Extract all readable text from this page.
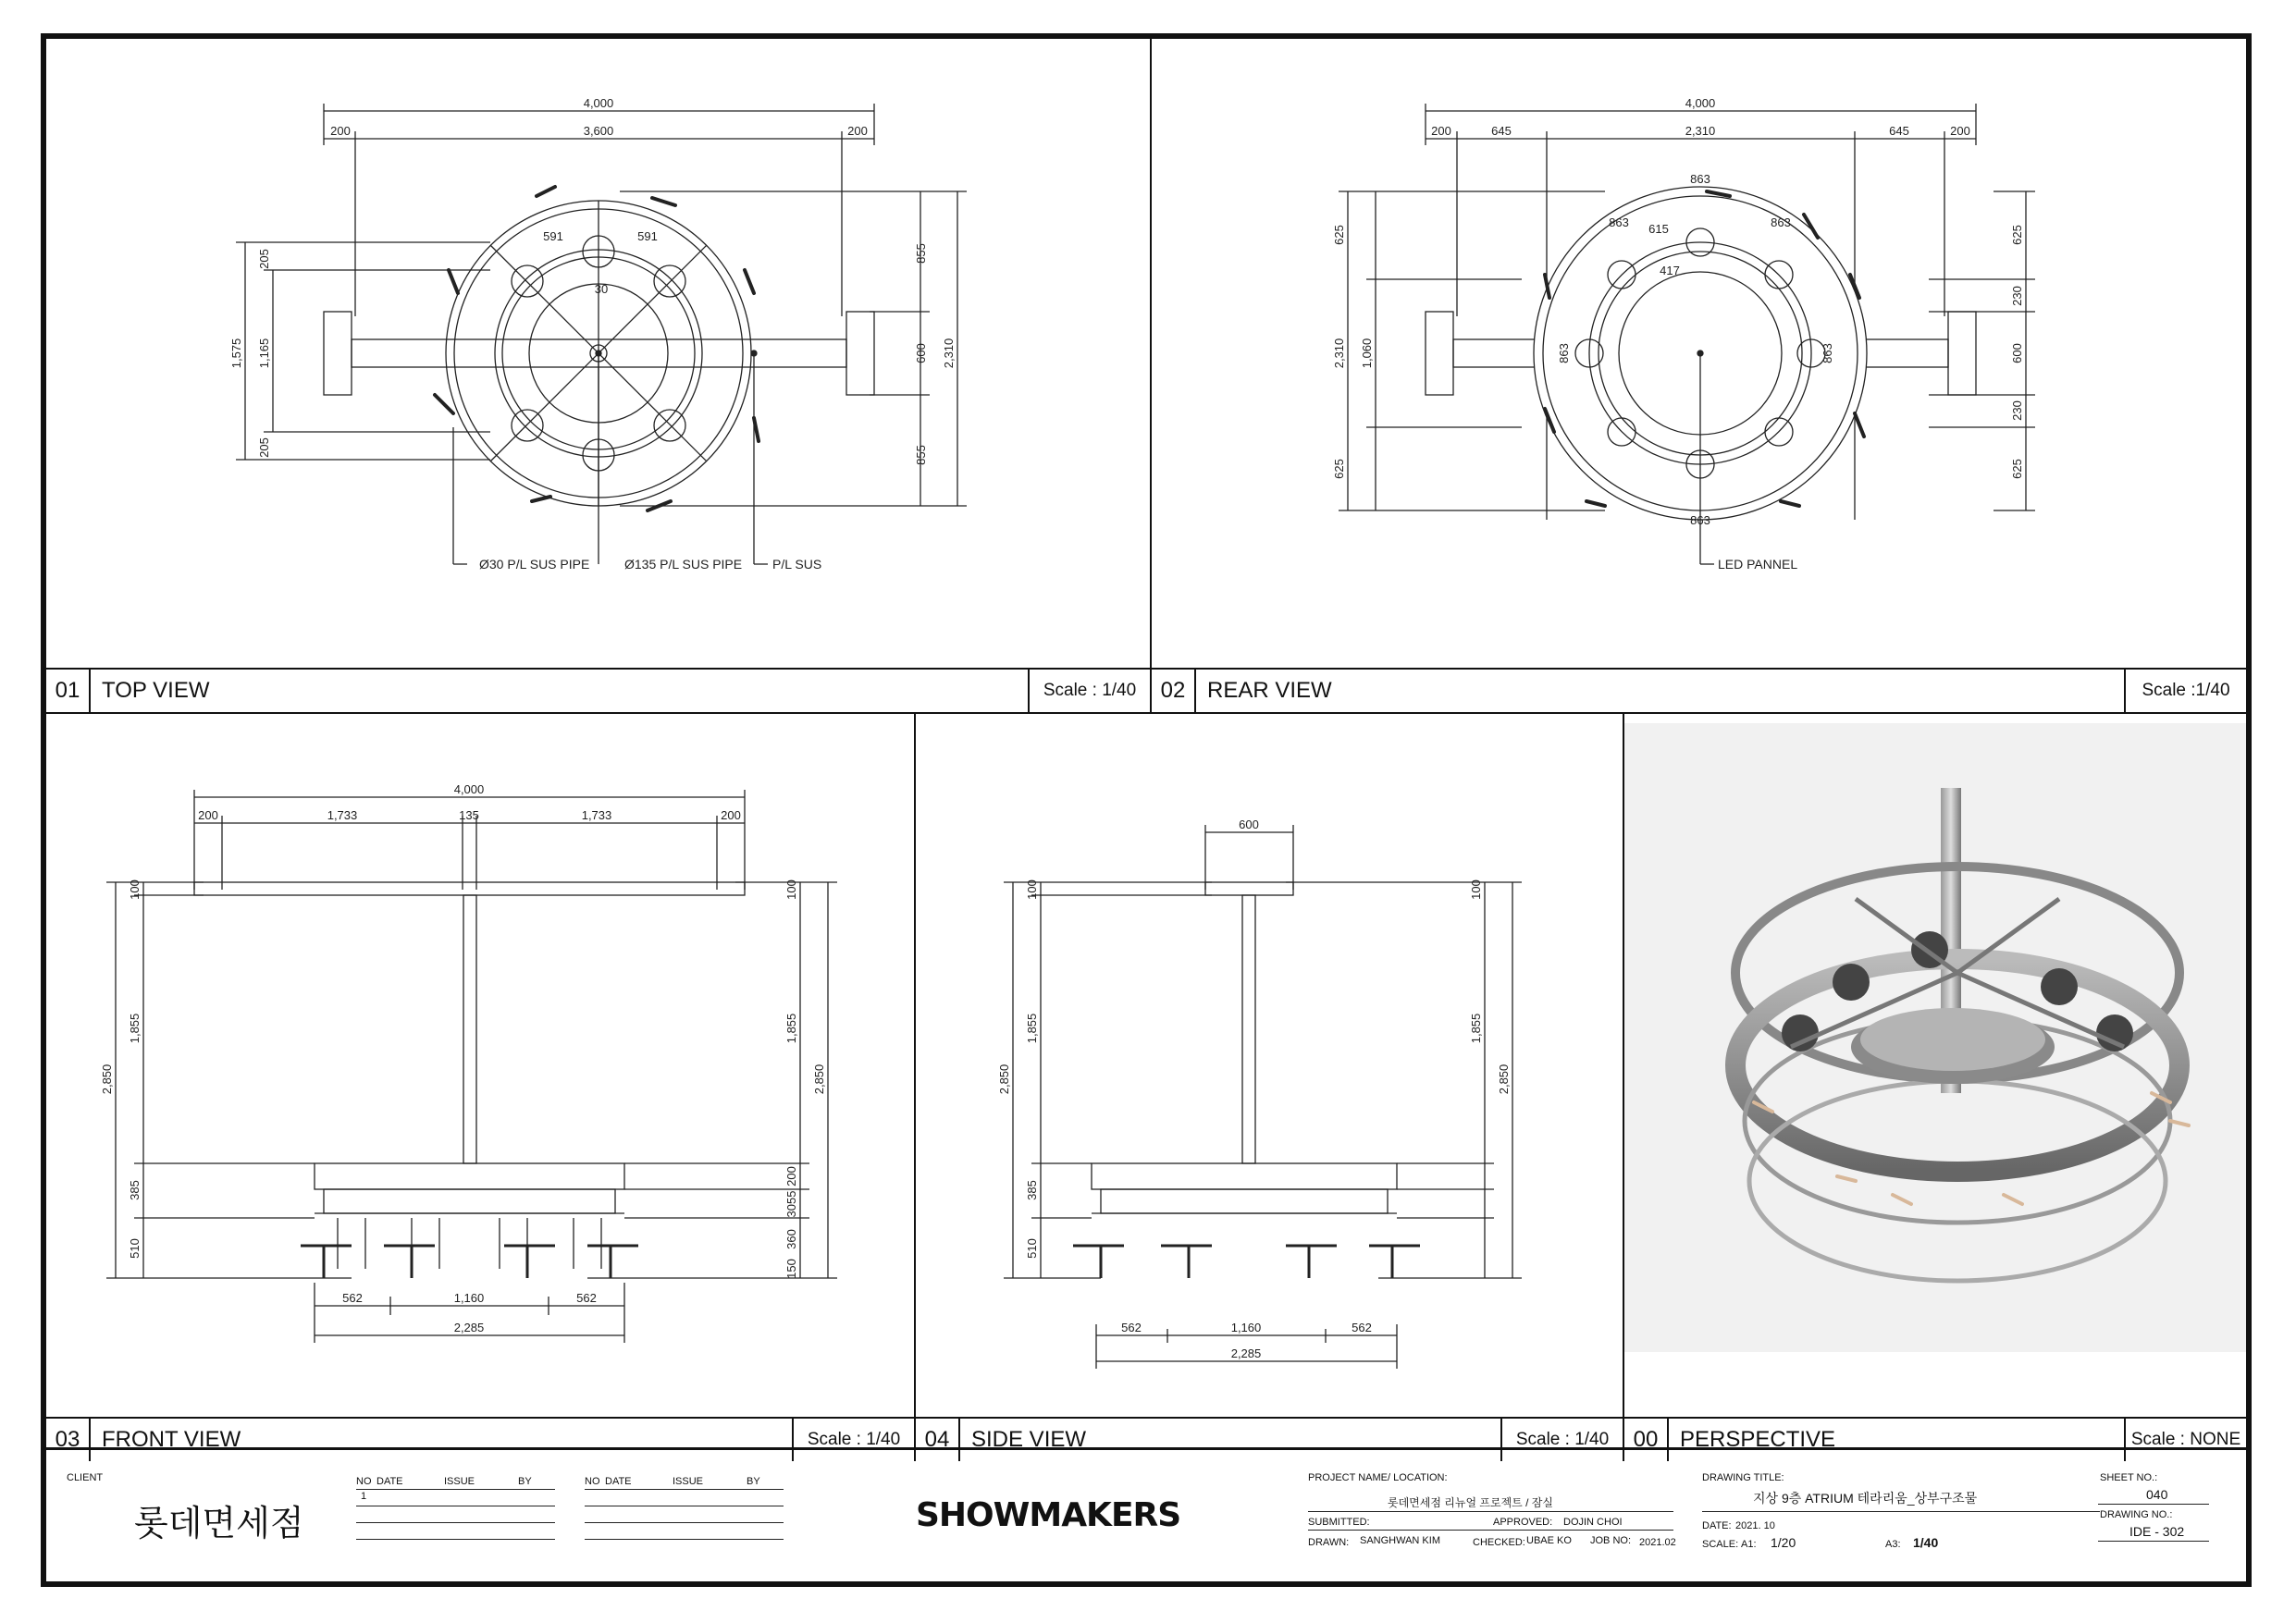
4,000
3,600
200	200
591	591
30
1,575 1,165
205
205
855
600
855
2,310
Ø30 P/L SUS PIPE	Ø135 P/L SUS PIPE P/L SUS
01 TOP VIEW	Scale : 1/40
4,000
200	645	2,310	645	200
863
863
863	863
615
417
863	863
625
1,060
2,310
625
625
230
600
230
625
LED PANNEL
02 REAR VIEW	Scale :1/40
4,000
200	1,733	135	1,733	200
100
1,855
2,850
385
510
100
1,855
2,850
200
3055
360
150
562	1,160	562
2,285
03 FRONT VIEW	Scale : 1/40
600
100
1,855
2,850
385
510
100
1,855
2,850
562	1,160	562
2,285
04 SIDE VIEW	Scale : 1/40	00 PERSPECTIVE	Scale : NONE
CLIENT
롯데면세점
NO DATE	ISSUE	BY
1
NO DATE	ISSUE	BY
SHOWMAKERS
PROJECT NAME/ LOCATION:
롯데면세점 리뉴얼 프로젝트 / 잠실
SUBMITTED:	APPROVED: DOJIN CHOI
DRAWN: SANGHWAN KIM	CHECKED: UBAE KO JOB NO: 2021.02
DRAWING TITLE:
지상 9층 ATRIUM 테라리움_상부구조물
DATE: 2021. 10
SCALE: A1: 1/20	A3: 1/40
SHEET NO.:
040
DRAWING NO.:
IDE - 302
